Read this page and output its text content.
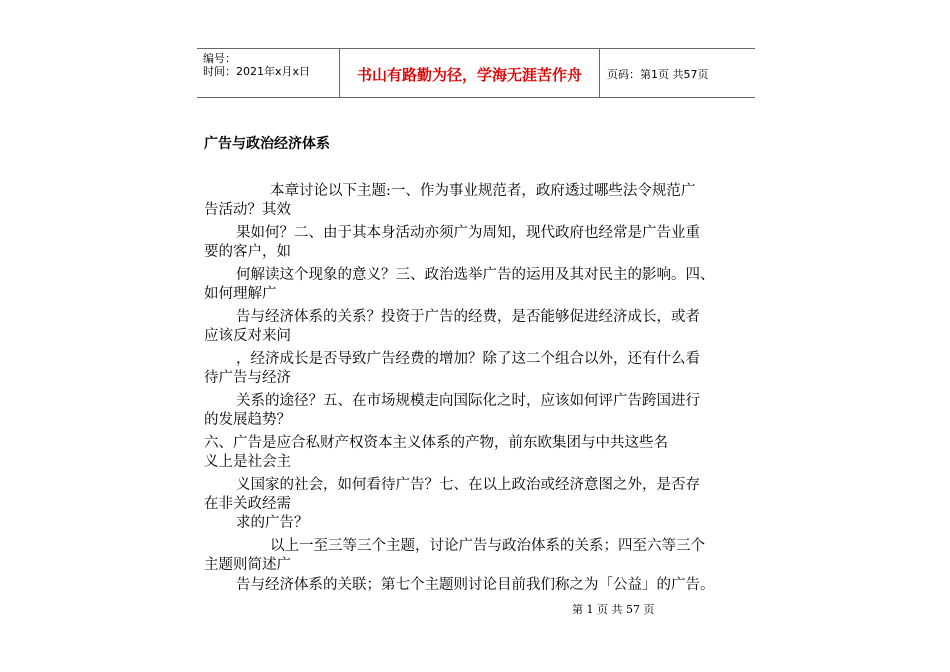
编号：
时间：2021年x月x日	书山有路勤为径，学海无涯苦作舟	页码：第1页 共57页
广告与政治经济体系
本章讨论以下主题:一、作为事业规范者，政府透过哪些法令规范广
告活动？其效
果如何？二、由于其本身活动亦须广为周知，现代政府也经常是广告业重
要的客户，如
何解读这个现象的意义？三、政治选举广告的运用及其对民主的影响。四、
如何理解广
告与经济体系的关系？投资于广告的经费，是否能够促进经济成长，或者
应该反对来问
，经济成长是否导致广告经费的增加？除了这二个组合以外，还有什么看
待广告与经济
关系的途径？五、在市场规模走向国际化之时，应该如何评广告跨国进行
的发展趋势？
六、广告是应合私财产权资本主义体系的产物，前东欧集团与中共这些名
义上是社会主
义国家的社会，如何看待广告？七、在以上政治或经济意图之外，是否存
在非关政经需
求的广告？
以上一至三等三个主题，讨论广告与政治体系的关系；四至六等三个
主题则简述广
告与经济体系的关联；第七个主题则讨论目前我们称之为「公益」的广告。
第 1 页 共 57 页
